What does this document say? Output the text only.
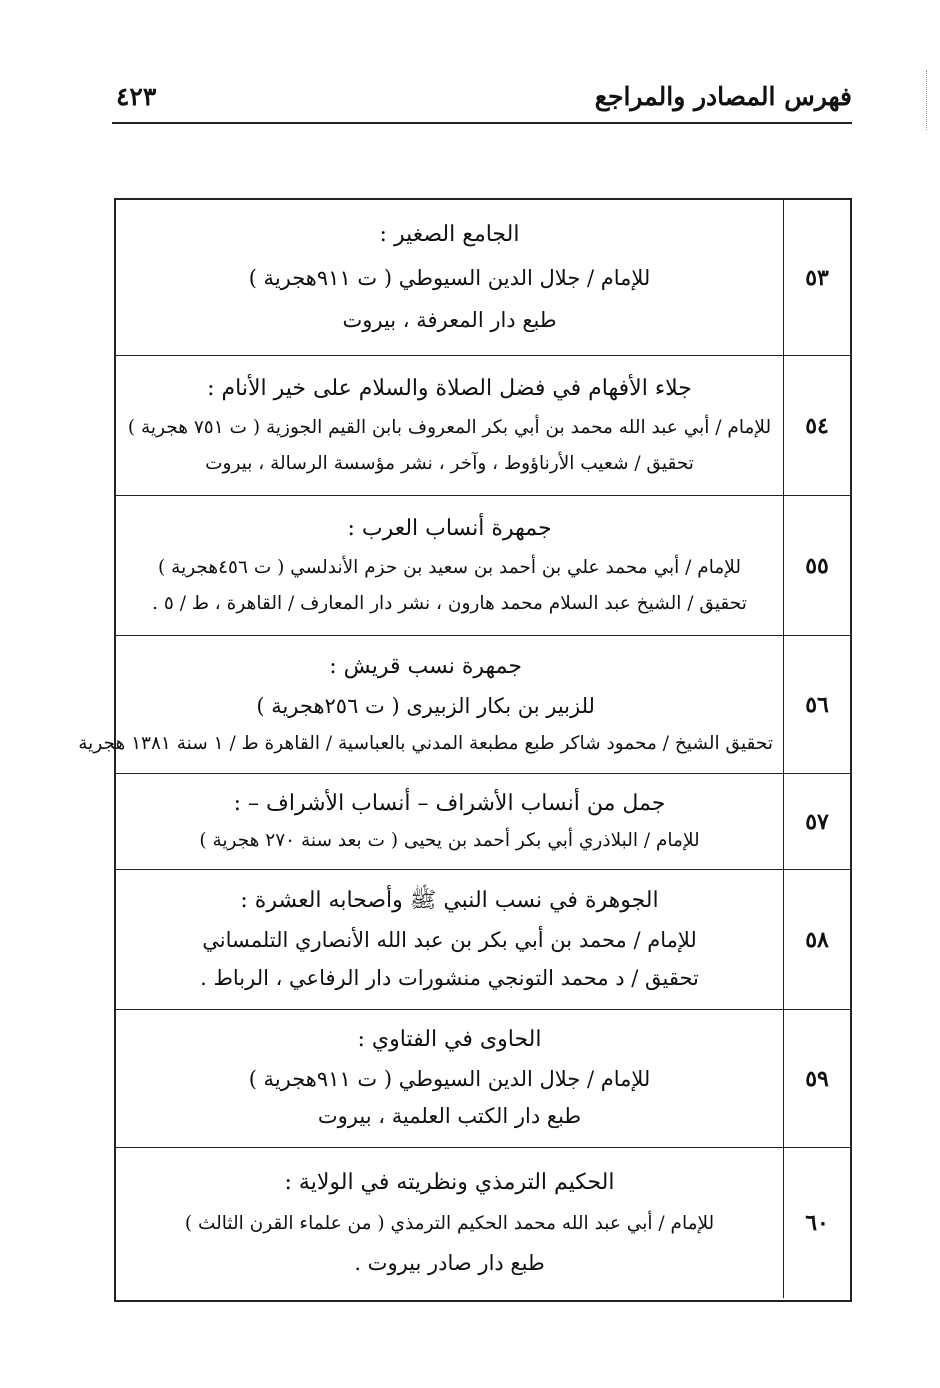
فهرس المصادر والمراجع
٤٢٣
٥٣
الجامع الصغير :
للإمام / جلال الدين السيوطي ( ت ٩١١هجرية )
طبع دار المعرفة ، بيروت
٥٤
جلاء الأفهام في فضل الصلاة والسلام على خير الأنام :
للإمام / أبي عبد الله محمد بن أبي بكر المعروف بابن القيم الجوزية ( ت ٧٥١ هجرية )
تحقيق / شعيب الأرناؤوط ، وآخر ، نشر مؤسسة الرسالة ، بيروت
٥٥
جمهرة أنساب العرب :
للإمام / أبي محمد علي بن أحمد بن سعيد بن حزم الأندلسي ( ت ٤٥٦هجرية )
تحقيق / الشيخ عبد السلام محمد هارون ، نشر دار المعارف / القاهرة ، ط / ٥ .
٥٦
جمهرة نسب قريش :
للزبير بن بكار الزبيرى ( ت ٢٥٦هجرية )
تحقيق الشيخ / محمود شاكر طبع مطبعة المدني بالعباسية / القاهرة ط / ١ سنة ١٣٨١ هجرية
٥٧
جمل من أنساب الأشراف – أنساب الأشراف – :
للإمام / البلاذري أبي بكر أحمد بن يحيى ( ت بعد سنة ٢٧٠ هجرية )
٥٨
الجوهرة في نسب النبي ﷺ وأصحابه العشرة :
للإمام / محمد بن أبي بكر بن عبد الله الأنصاري التلمساني
تحقيق / د محمد التونجي منشورات دار الرفاعي ، الرباط .
٥٩
الحاوى في الفتاوي :
للإمام / جلال الدين السيوطي ( ت ٩١١هجرية )
طبع دار الكتب العلمية ، بيروت
٦٠
الحكيم الترمذي ونظريته في الولاية :
للإمام / أبي عبد الله محمد الحكيم الترمذي ( من علماء القرن الثالث )
طبع دار صادر بيروت .
